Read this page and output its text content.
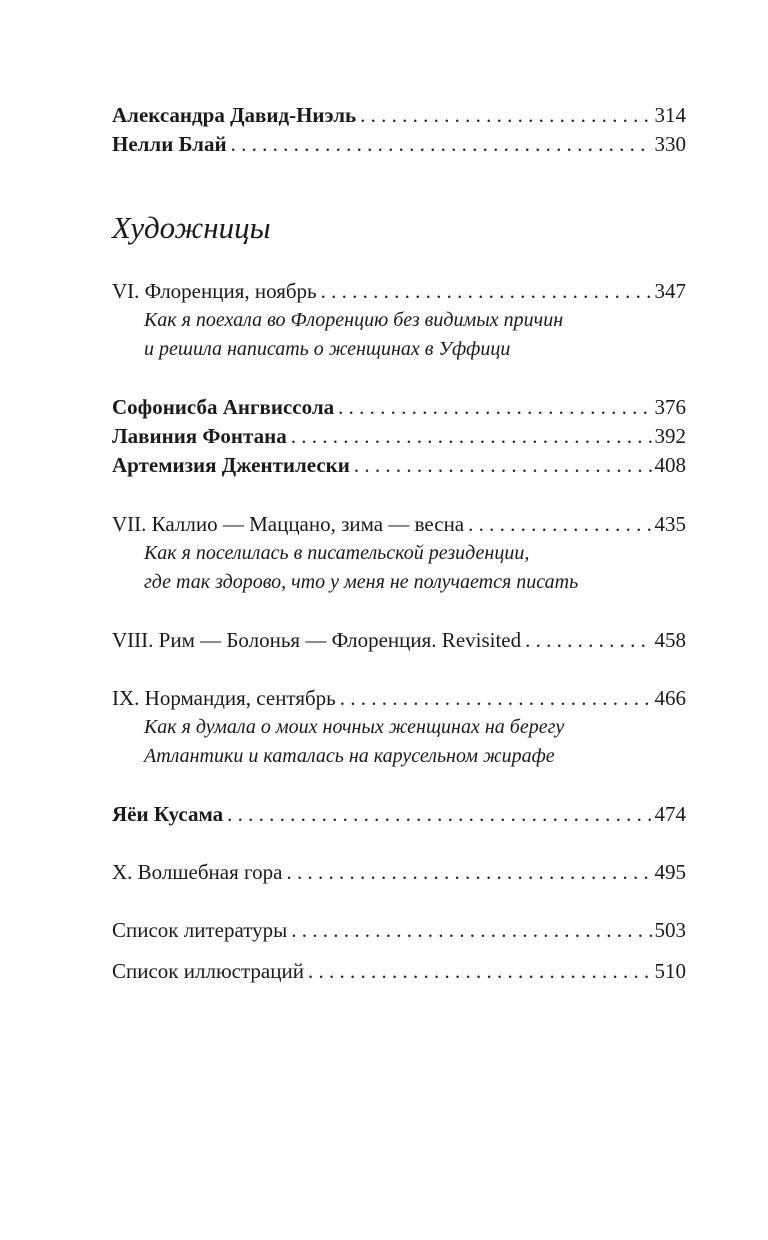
Александра Давид-Ниэль . . .	314
Нелли Блай . . .	330
Художницы
VI. Флоренция, ноябрь . . .	347
Как я поехала во Флоренцию без видимых причин
и решила написать о женщинах в Уффици
Софонисба Ангвиссола . . .	376
Лавиния Фонтана . . .	392
Артемизия Джентилески . . .	408
VII. Каллио — Маццано, зима — весна . . .	435
Как я поселилась в писательской резиденции,
где так здорово, что у меня не получается писать
VIII. Рим — Болонья — Флоренция. Revisited . . .	458
IX. Нормандия, сентябрь . . .	466
Как я думала о моих ночных женщинах на берегу
Атлантики и каталась на карусельном жирафе
Яёи Кусама . . .	474
X. Волшебная гора . . .	495
Список литературы . . .	503
Список иллюстраций . . .	510
